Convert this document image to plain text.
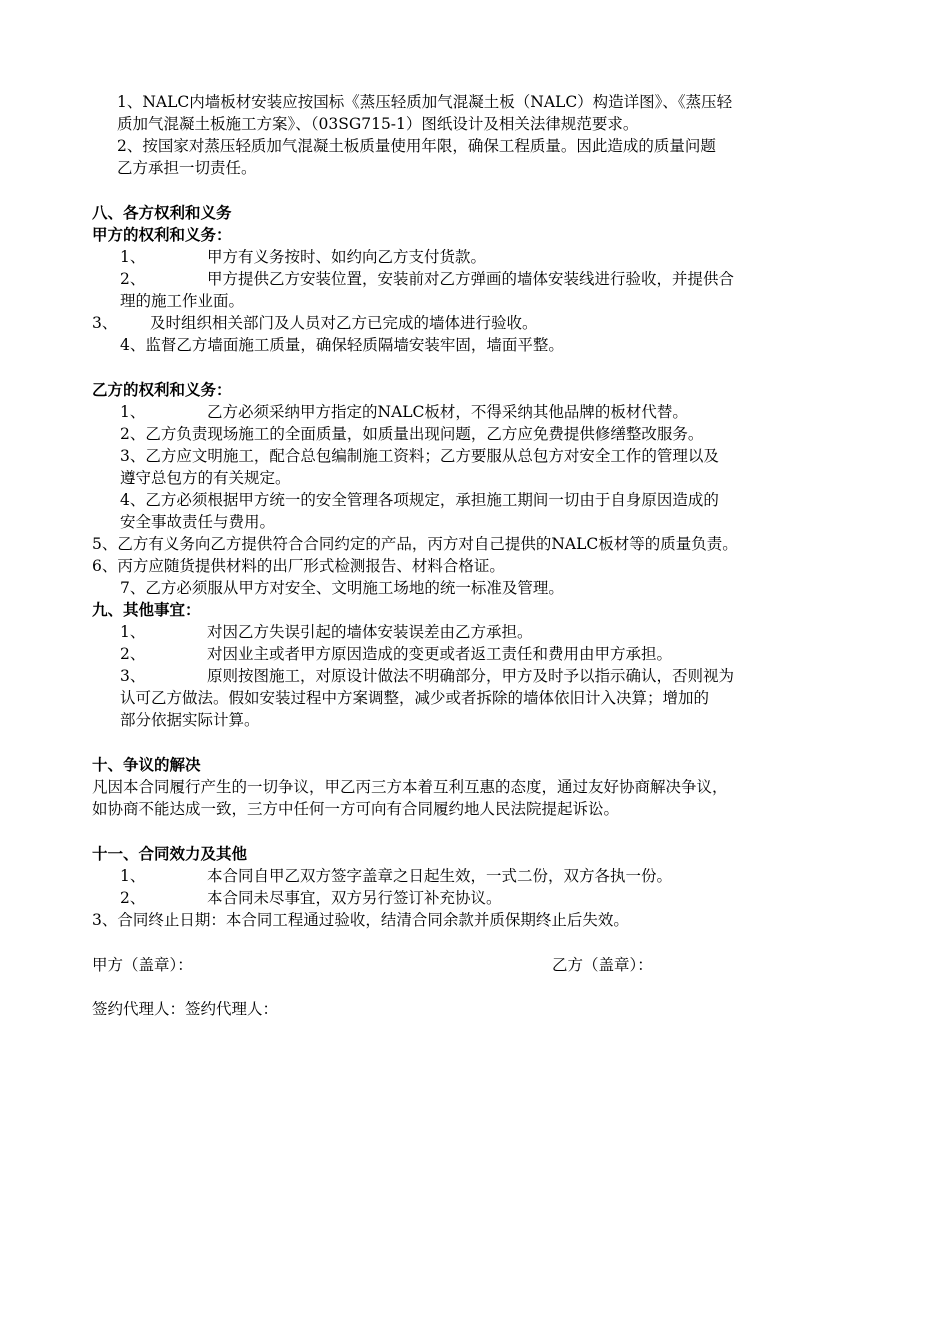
1、NALC内墙板材安装应按国标《蒸压轻质加气混凝土板（NALC）构造详图》、《蒸压轻
质加气混凝土板施工方案》、（03SG715-1）图纸设计及相关法律规范要求。
2、按国家对蒸压轻质加气混凝土板质量使用年限，确保工程质量。因此造成的质量问题
乙方承担一切责任。
八、各方权利和义务
甲方的权利和义务：
1、	甲方有义务按时、如约向乙方支付货款。
2、	甲方提供乙方安装位置，安装前对乙方弹画的墙体安装线进行验收，并提供合
理的施工作业面。
3、 及时组织相关部门及人员对乙方已完成的墙体进行验收。
4、监督乙方墙面施工质量，确保轻质隔墙安装牢固，墙面平整。
乙方的权利和义务：
1、	乙方必须采纳甲方指定的NALC板材，不得采纳其他品牌的板材代替。
2、乙方负责现场施工的全面质量，如质量出现问题，乙方应免费提供修缮整改服务。
3、乙方应文明施工，配合总包编制施工资料；乙方要服从总包方对安全工作的管理以及
遵守总包方的有关规定。
4、乙方必须根据甲方统一的安全管理各项规定，承担施工期间一切由于自身原因造成的
安全事故责任与费用。
5、乙方有义务向乙方提供符合合同约定的产品，丙方对自己提供的NALC板材等的质量负责。
6、丙方应随货提供材料的出厂形式检测报告、材料合格证。
7、乙方必须服从甲方对安全、文明施工场地的统一标准及管理。
九、其他事宜：
1、	对因乙方失误引起的墙体安装误差由乙方承担。
2、	对因业主或者甲方原因造成的变更或者返工责任和费用由甲方承担。
3、	原则按图施工，对原设计做法不明确部分，甲方及时予以指示确认，否则视为
认可乙方做法。假如安装过程中方案调整，减少或者拆除的墙体依旧计入决算；增加的
部分依据实际计算。
十、争议的解决
凡因本合同履行产生的一切争议，甲乙丙三方本着互利互惠的态度，通过友好协商解决争议，
如协商不能达成一致，三方中任何一方可向有合同履约地人民法院提起诉讼。
十一、合同效力及其他
1、	本合同自甲乙双方签字盖章之日起生效，一式二份，双方各执一份。
2、	本合同未尽事宜，双方另行签订补充协议。
3、合同终止日期：本合同工程通过验收，结清合同余款并质保期终止后失效。
甲方（盖章）：	乙方（盖章）：
签约代理人：签约代理人：
